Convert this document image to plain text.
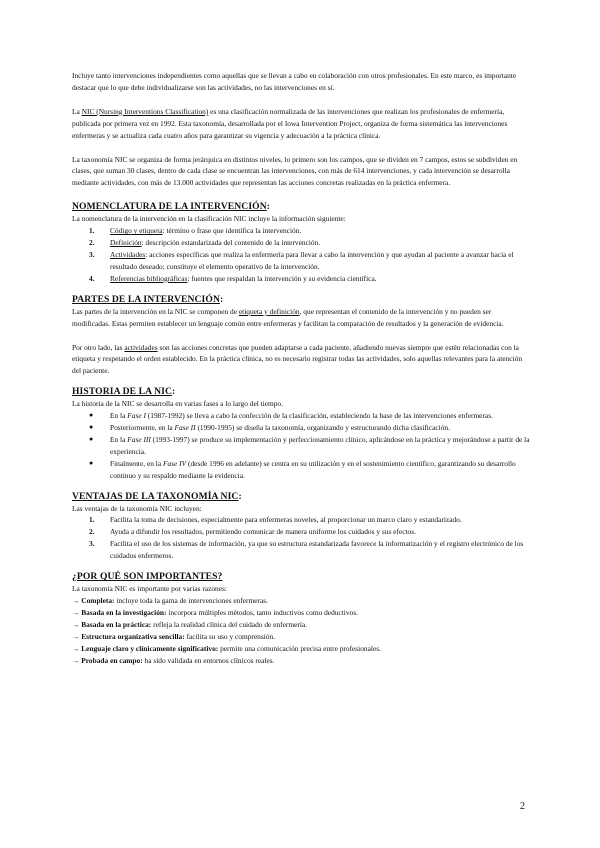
Incluye tanto intervenciones independientes como aquellas que se llevan a cabo en colaboración con otros profesionales. En este marco, es importante destacar que lo que debe individualizarse son las actividades, no las intervenciones en sí.

La NIC (Nursing Interventions Classification) es una clasificación normalizada de las intervenciones que realizan los profesionales de enfermería, publicada por primera vez en 1992. Esta taxonomía, desarrollada por el Iowa Intervention Project, organiza de forma sistemática las intervenciones enfermeras y se actualiza cada cuatro años para garantizar su vigencia y adecuación a la práctica clínica.

La taxonomía NIC se organiza de forma jerárquica en distintos niveles, lo primero son los campos, que se dividen en 7 campos, estos se subdividen en clases, que suman 30 clases, dentro de cada clase se encuentran las intervenciones, con más de 614 intervenciones, y cada intervención se desarrolla mediante actividades, con más de 13.000 actividades que representan las acciones concretas realizadas en la práctica enfermera.

NOMENCLATURA DE LA INTERVENCIÓN:

La nomenclatura de la intervención en la clasificación NIC incluye la información siguiente:

1. Código y etiqueta: término o frase que identifica la intervención.
2. Definición: descripción estandarizada del contenido de la intervención.
3. Actividades: acciones específicas que realiza la enfermería para llevar a cabo la intervención y que ayudan al paciente a avanzar hacia el resultado deseado; constituye el elemento operativo de la intervención.
4. Referencias bibliográficas: fuentes que respaldan la intervención y su evidencia científica.
PARTES DE LA INTERVENCIÓN:

Las partes de la intervención en la NIC se componen de etiqueta y definición, que representan el contenido de la intervención y no pueden ser modificadas. Estas permiten establecer un lenguaje común entre enfermeras y facilitan la comparación de resultados y la generación de evidencia.

Por otro lado, las actividades son las acciones concretas que pueden adaptarse a cada paciente, añadiendo nuevas siempre que estén relacionadas con la etiqueta y respetando el orden establecido. En la práctica clínica, no es necesario registrar todas las actividades, solo aquellas relevantes para la atención del paciente.

HISTORIA DE LA NIC:

La historia de la NIC se desarrolla en varias fases a lo largo del tiempo.

● En la Fase I (1987-1992) se lleva a cabo la confección de la clasificación, estableciendo la base de las intervenciones enfermeras.
● Posteriormente, en la Fase II (1990-1995) se diseña la taxonomía, organizando y estructurando dicha clasificación.
● En la Fase III (1993-1997) se produce su implementación y perfeccionamiento clínico, aplicándose en la práctica y mejorándose a partir de la experiencia.
● Finalmente, en la Fase IV (desde 1996 en adelante) se centra en su utilización y en el sostenimiento científico, garantizando su desarrollo continuo y su respaldo mediante la evidencia.
VENTAJAS DE LA TAXONOMÍA NIC:

Las ventajas de la taxonomía NIC incluyen:

1. Facilita la toma de decisiones, especialmente para enfermeras noveles, al proporcionar un marco claro y estandarizado.
2. Ayuda a difundir los resultados, permitiendo comunicar de manera uniforme los cuidados y sus efectos.
3. Facilita el uso de los sistemas de información, ya que su estructura estandarizada favorece la informatización y el registro electrónico de los cuidados enfermeros.
¿POR QUÉ SON IMPORTANTES?

La taxonomía NIC es importante por varias razones:

→ Completa: incluye toda la gama de intervenciones enfermeras.

→ Basada en la investigación: incorpora múltiples métodos, tanto inductivos como deductivos.

→ Basada en la práctica: refleja la realidad clínica del cuidado de enfermería.

→ Estructura organizativa sencilla: facilita su uso y comprensión.

→ Lenguaje claro y clínicamente significativo: permite una comunicación precisa entre profesionales.

→ Probada en campo: ha sido validada en entornos clínicos reales.

2
